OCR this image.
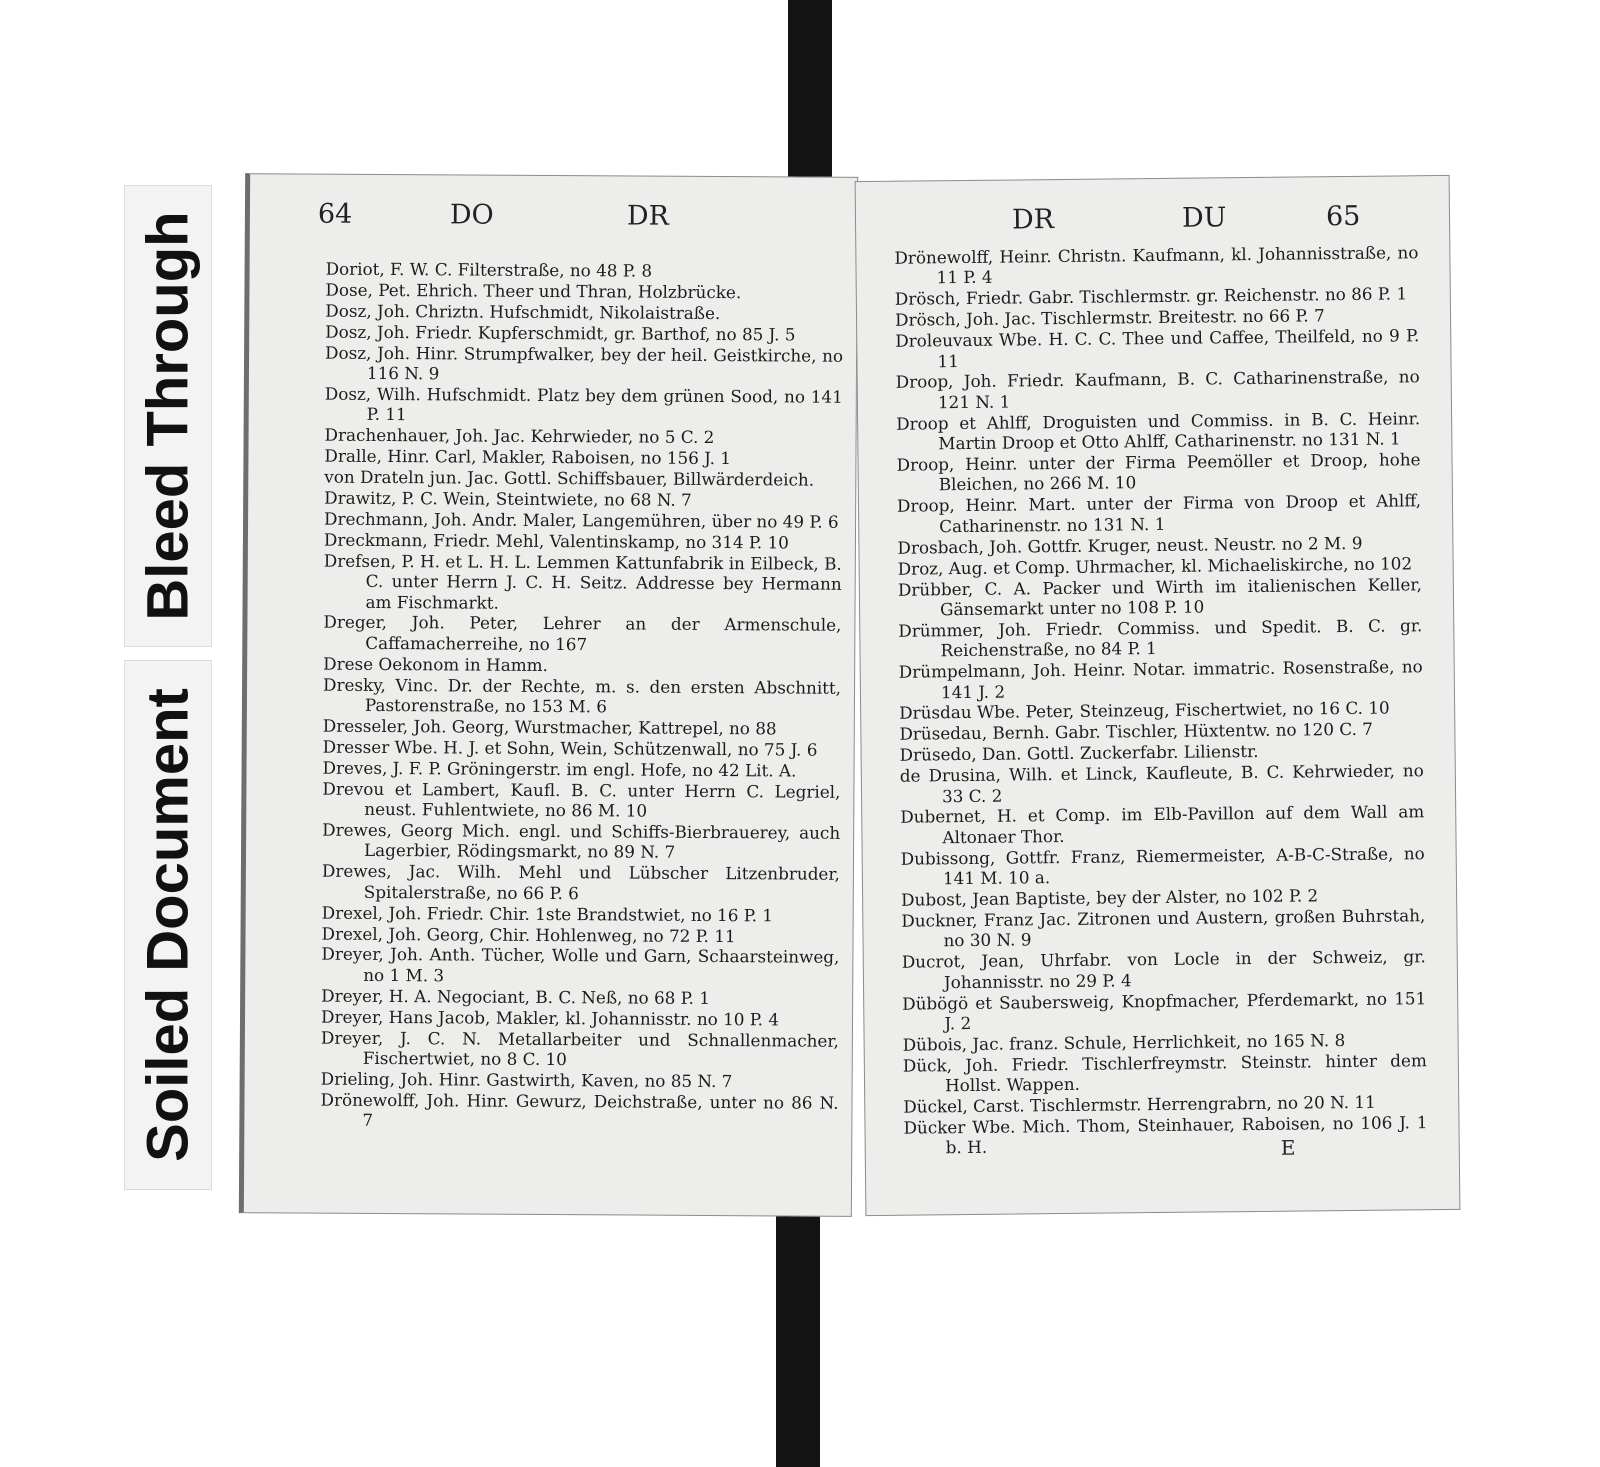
Bleed Through
Soiled Document
64	DO	DR
Doriot, F. W. C. Filterstraße, no 48 P. 8
Dose, Pet. Ehrich. Theer und Thran, Holzbrücke.
Dosz, Joh. Chriztn. Hufschmidt, Nikolaistraße.
Dosz, Joh. Friedr. Kupferschmidt, gr. Barthof, no 85 J. 5
Dosz, Joh. Hinr. Strumpfwalker, bey der heil. Geistkirche, no 116 N. 9
Dosz, Wilh. Hufschmidt. Platz bey dem grünen Sood, no 141 P. 11
Drachenhauer, Joh. Jac. Kehrwieder, no 5 C. 2
Dralle, Hinr. Carl, Makler, Raboisen, no 156 J. 1
von Drateln jun. Jac. Gottl. Schiffsbauer, Billwärderdeich.
Drawitz, P. C. Wein, Steintwiete, no 68 N. 7
Drechmann, Joh. Andr. Maler, Langemühren, über no 49 P. 6
Dreckmann, Friedr. Mehl, Valentinskamp, no 314 P. 10
Drefsen, P. H. et L. H. L. Lemmen Kattunfabrik in Eilbeck, B. C. unter Herrn J. C. H. Seitz. Addresse bey Hermann am Fischmarkt.
Dreger, Joh. Peter, Lehrer an der Armenschule, Caffamacherreihe, no 167
Drese Oekonom in Hamm.
Dresky, Vinc. Dr. der Rechte, m. s. den ersten Abschnitt, Pastorenstraße, no 153 M. 6
Dresseler, Joh. Georg, Wurstmacher, Kattrepel, no 88
Dresser Wbe. H. J. et Sohn, Wein, Schützenwall, no 75 J. 6
Dreves, J. F. P. Gröningerstr. im engl. Hofe, no 42 Lit. A.
Drevou et Lambert, Kaufl. B. C. unter Herrn C. Legriel, neust. Fuhlentwiete, no 86 M. 10
Drewes, Georg Mich. engl. und Schiffs-Bierbrauerey, auch Lagerbier, Rödingsmarkt, no 89 N. 7
Drewes, Jac. Wilh. Mehl und Lübscher Litzenbruder, Spitalerstraße, no 66 P. 6
Drexel, Joh. Friedr. Chir. 1ste Brandstwiet, no 16 P. 1
Drexel, Joh. Georg, Chir. Hohlenweg, no 72 P. 11
Dreyer, Joh. Anth. Tücher, Wolle und Garn, Schaarsteinweg, no 1 M. 3
Dreyer, H. A. Negociant, B. C. Neß, no 68 P. 1
Dreyer, Hans Jacob, Makler, kl. Johannisstr. no 10 P. 4
Dreyer, J. C. N. Metallarbeiter und Schnallenmacher, Fischertwiet, no 8 C. 10
Drieling, Joh. Hinr. Gastwirth, Kaven, no 85 N. 7
Drönewolff, Joh. Hinr. Gewurz, Deichstraße, unter no 86 N. 7
DR	DU	65
Drönewolff, Heinr. Christn. Kaufmann, kl. Johannisstraße, no 11 P. 4
Drösch, Friedr. Gabr. Tischlermstr. gr. Reichenstr. no 86 P. 1
Drösch, Joh. Jac. Tischlermstr. Breitestr. no 66 P. 7
Droleuvaux Wbe. H. C. C. Thee und Caffee, Theilfeld, no 9 P. 11
Droop, Joh. Friedr. Kaufmann, B. C. Catharinenstraße, no 121 N. 1
Droop et Ahlff, Droguisten und Commiss. in B. C. Heinr. Martin Droop et Otto Ahlff, Catharinenstr. no 131 N. 1
Droop, Heinr. unter der Firma Peemöller et Droop, hohe Bleichen, no 266 M. 10
Droop, Heinr. Mart. unter der Firma von Droop et Ahlff, Catharinenstr. no 131 N. 1
Drosbach, Joh. Gottfr. Kruger, neust. Neustr. no 2 M. 9
Droz, Aug. et Comp. Uhrmacher, kl. Michaeliskirche, no 102
Drübber, C. A. Packer und Wirth im italienischen Keller, Gänsemarkt unter no 108 P. 10
Drümmer, Joh. Friedr. Commiss. und Spedit. B. C. gr. Reichenstraße, no 84 P. 1
Drümpelmann, Joh. Heinr. Notar. immatric. Rosenstraße, no 141 J. 2
Drüsdau Wbe. Peter, Steinzeug, Fischertwiet, no 16 C. 10
Drüsedau, Bernh. Gabr. Tischler, Hüxtentw. no 120 C. 7
Drüsedo, Dan. Gottl. Zuckerfabr. Lilienstr.
de Drusina, Wilh. et Linck, Kaufleute, B. C. Kehrwieder, no 33 C. 2
Dubernet, H. et Comp. im Elb-Pavillon auf dem Wall am Altonaer Thor.
Dubissong, Gottfr. Franz, Riemermeister, A-B-C-Straße, no 141 M. 10 a.
Dubost, Jean Baptiste, bey der Alster, no 102 P. 2
Duckner, Franz Jac. Zitronen und Austern, großen Buhrstah, no 30 N. 9
Ducrot, Jean, Uhrfabr. von Locle in der Schweiz, gr. Johannisstr. no 29 P. 4
Dübögö et Saubersweig, Knopfmacher, Pferdemarkt, no 151 J. 2
Dübois, Jac. franz. Schule, Herrlichkeit, no 165 N. 8
Dück, Joh. Friedr. Tischlerfreymstr. Steinstr. hinter dem Hollst. Wappen.
Dückel, Carst. Tischlermstr. Herrengrabrn, no 20 N. 11
Dücker Wbe. Mich. Thom, Steinhauer, Raboisen, no 106 J. 1 b. H.	E
